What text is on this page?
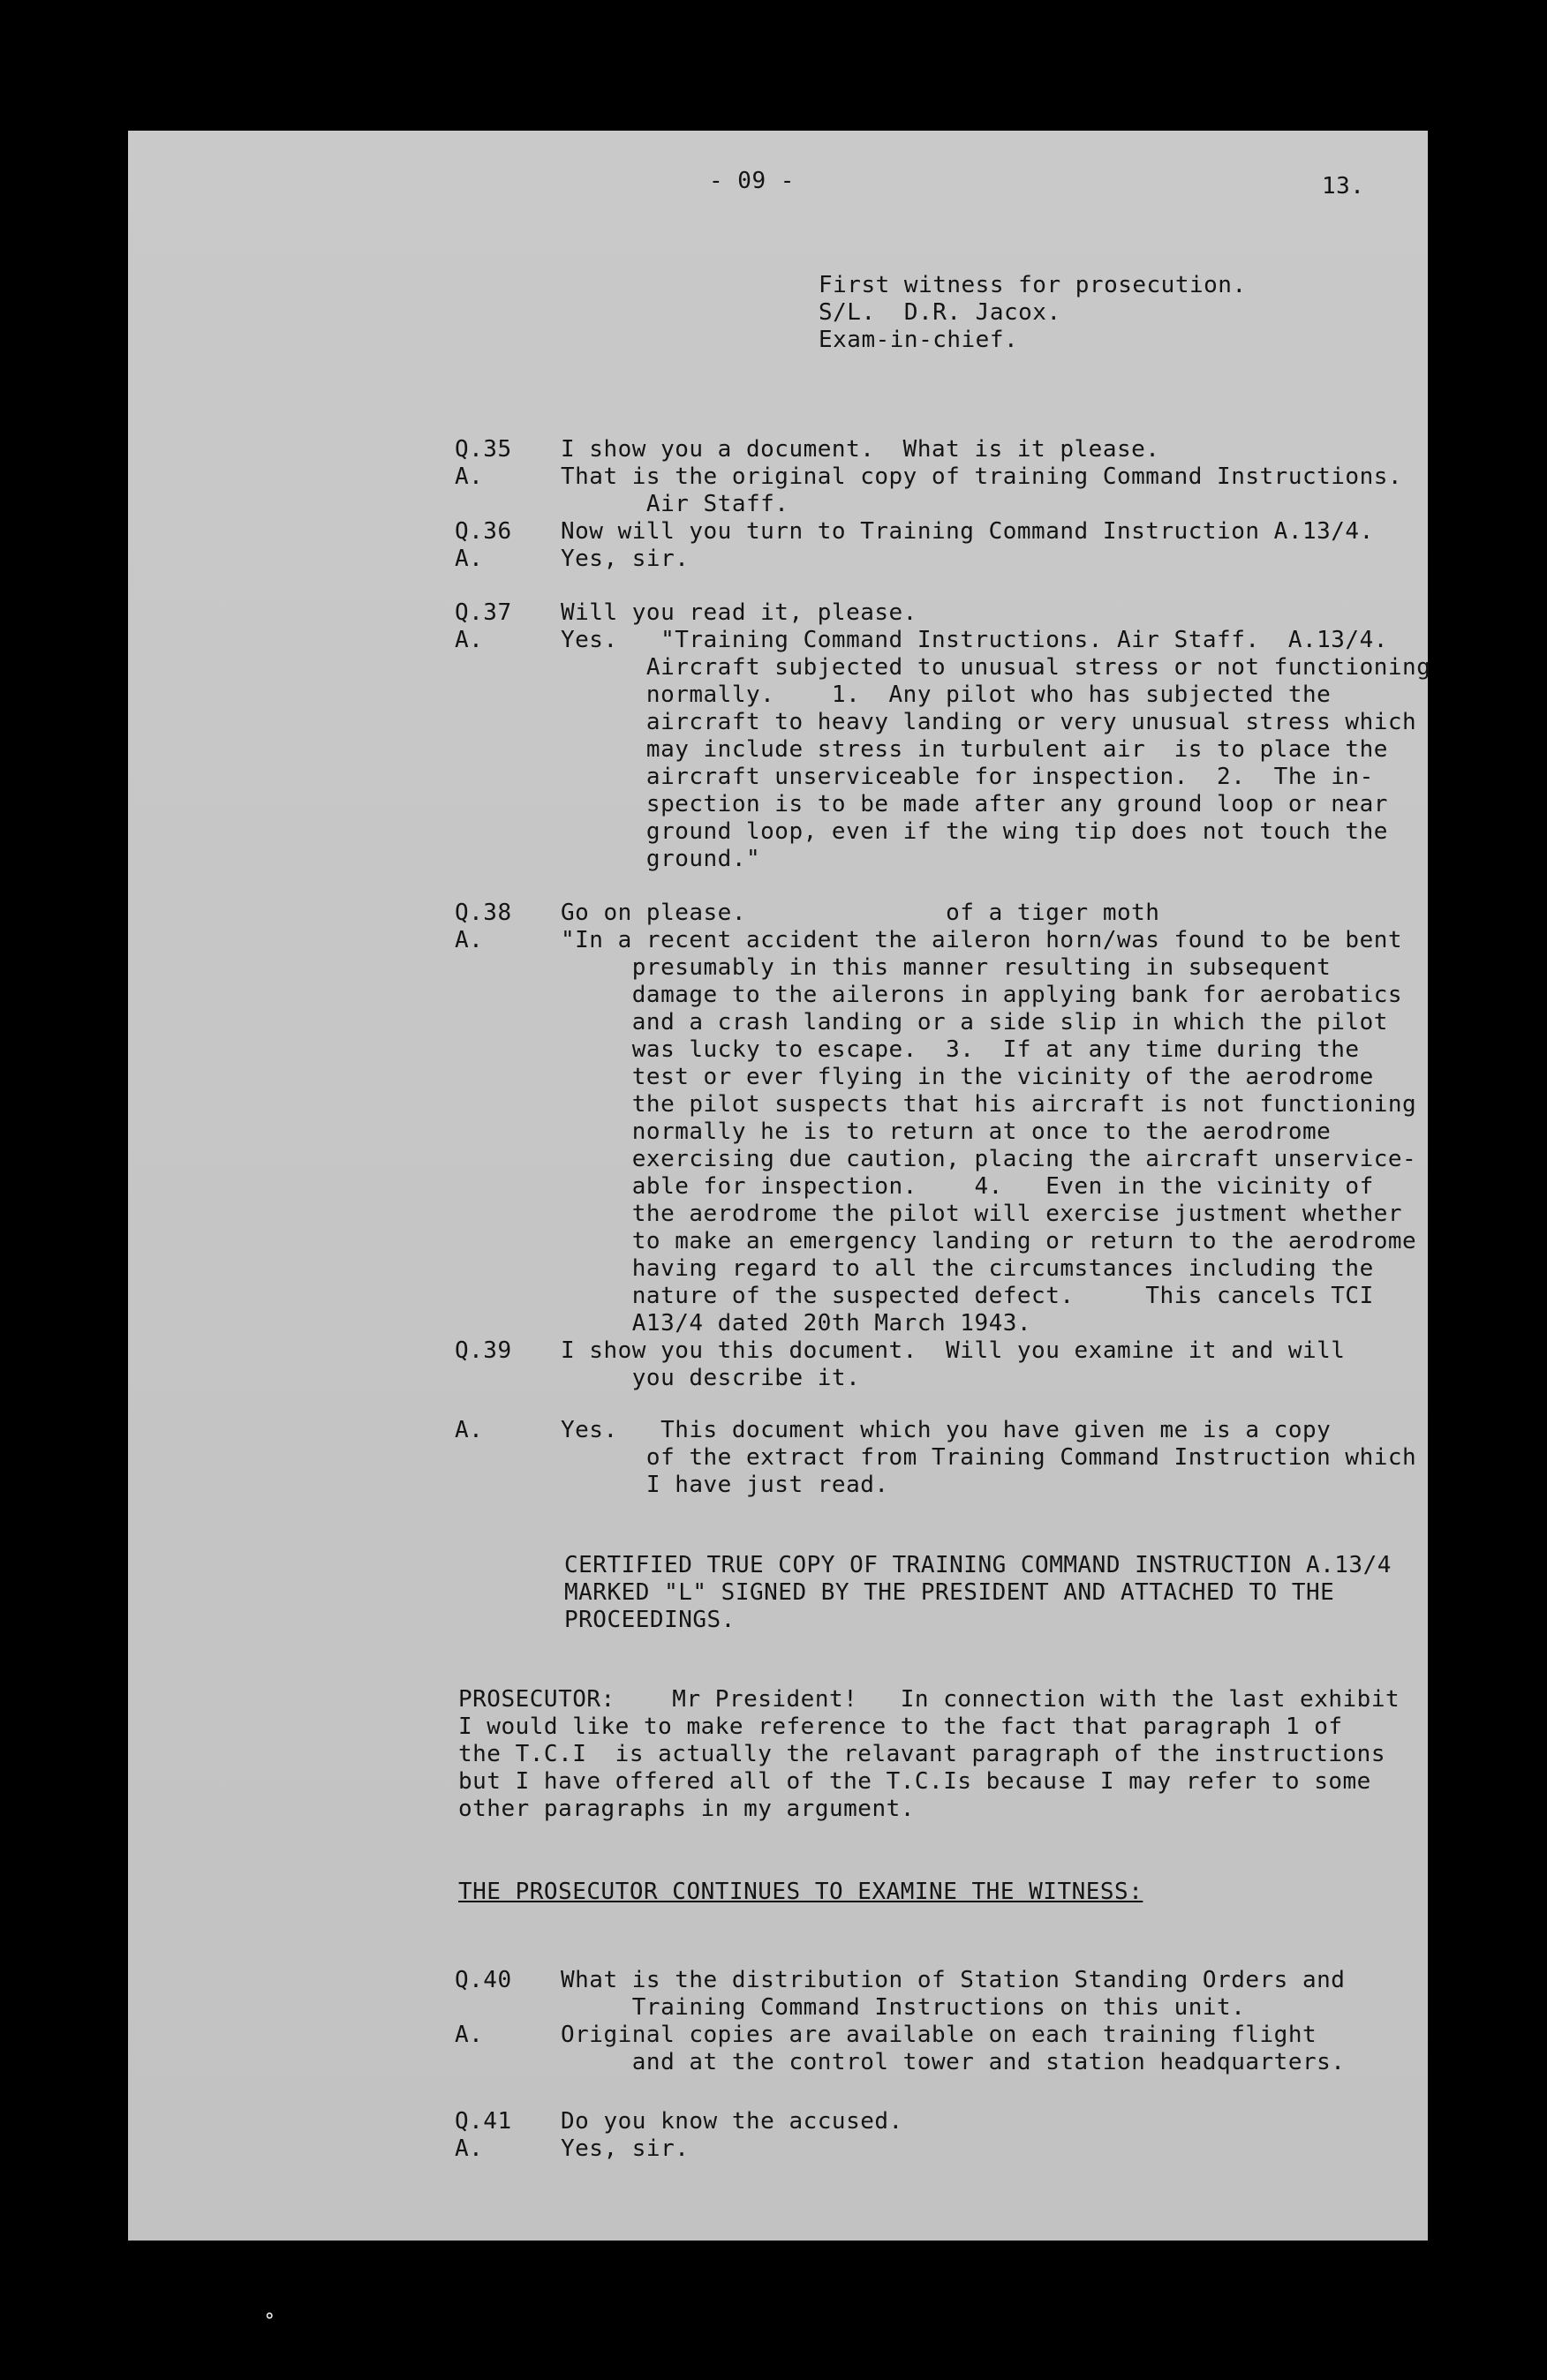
- 09 -	13.
First witness for prosecution.
S/L.  D.R. Jacox.
Exam-in-chief.
CERTIFIED TRUE COPY OF TRAINING COMMAND INSTRUCTION A.13/4
MARKED "L" SIGNED BY THE PRESIDENT AND ATTACHED TO THE
PROCEEDINGS.
PROSECUTOR:    Mr President!   In connection with the last exhibit
I would like to make reference to the fact that paragraph 1 of
the T.C.I  is actually the relavant paragraph of the instructions
but I have offered all of the T.C.Is because I may refer to some
other paragraphs in my argument.
THE PROSECUTOR CONTINUES TO EXAMINE THE WITNESS:
Q.35 I show you a document.  What is it please.
A.	That is the original copy of training Command Instructions.
Air Staff.
Q.36 Now will you turn to Training Command Instruction A.13/4.
A.	Yes, sir.
Q.37 Will you read it, please.
A.	Yes.   "Training Command Instructions. Air Staff.  A.13/4.
Aircraft subjected to unusual stress or not functioning
normally.    1.  Any pilot who has subjected the
aircraft to heavy landing or very unusual stress which
may include stress in turbulent air  is to place the
aircraft unserviceable for inspection.  2.  The in-
spection is to be made after any ground loop or near
ground loop, even if the wing tip does not touch the
ground."
Q.38 Go on please.              of a tiger moth
A.	"In a recent accident the aileron horn/was found to be bent
presumably in this manner resulting in subsequent
damage to the ailerons in applying bank for aerobatics
and a crash landing or a side slip in which the pilot
was lucky to escape.  3.  If at any time during the
test or ever flying in the vicinity of the aerodrome
the pilot suspects that his aircraft is not functioning
normally he is to return at once to the aerodrome
exercising due caution, placing the aircraft unservice-
able for inspection.    4.   Even in the vicinity of
the aerodrome the pilot will exercise justment whether
to make an emergency landing or return to the aerodrome
having regard to all the circumstances including the
nature of the suspected defect.     This cancels TCI
A13/4 dated 20th March 1943.
Q.39 I show you this document.  Will you examine it and will
you describe it.
A.	Yes.   This document which you have given me is a copy
of the extract from Training Command Instruction which
I have just read.
Q.40 What is the distribution of Station Standing Orders and
Training Command Instructions on this unit.
A.	Original copies are available on each training flight
and at the control tower and station headquarters.
Q.41 Do you know the accused.
A.	Yes, sir.
ᐤ
